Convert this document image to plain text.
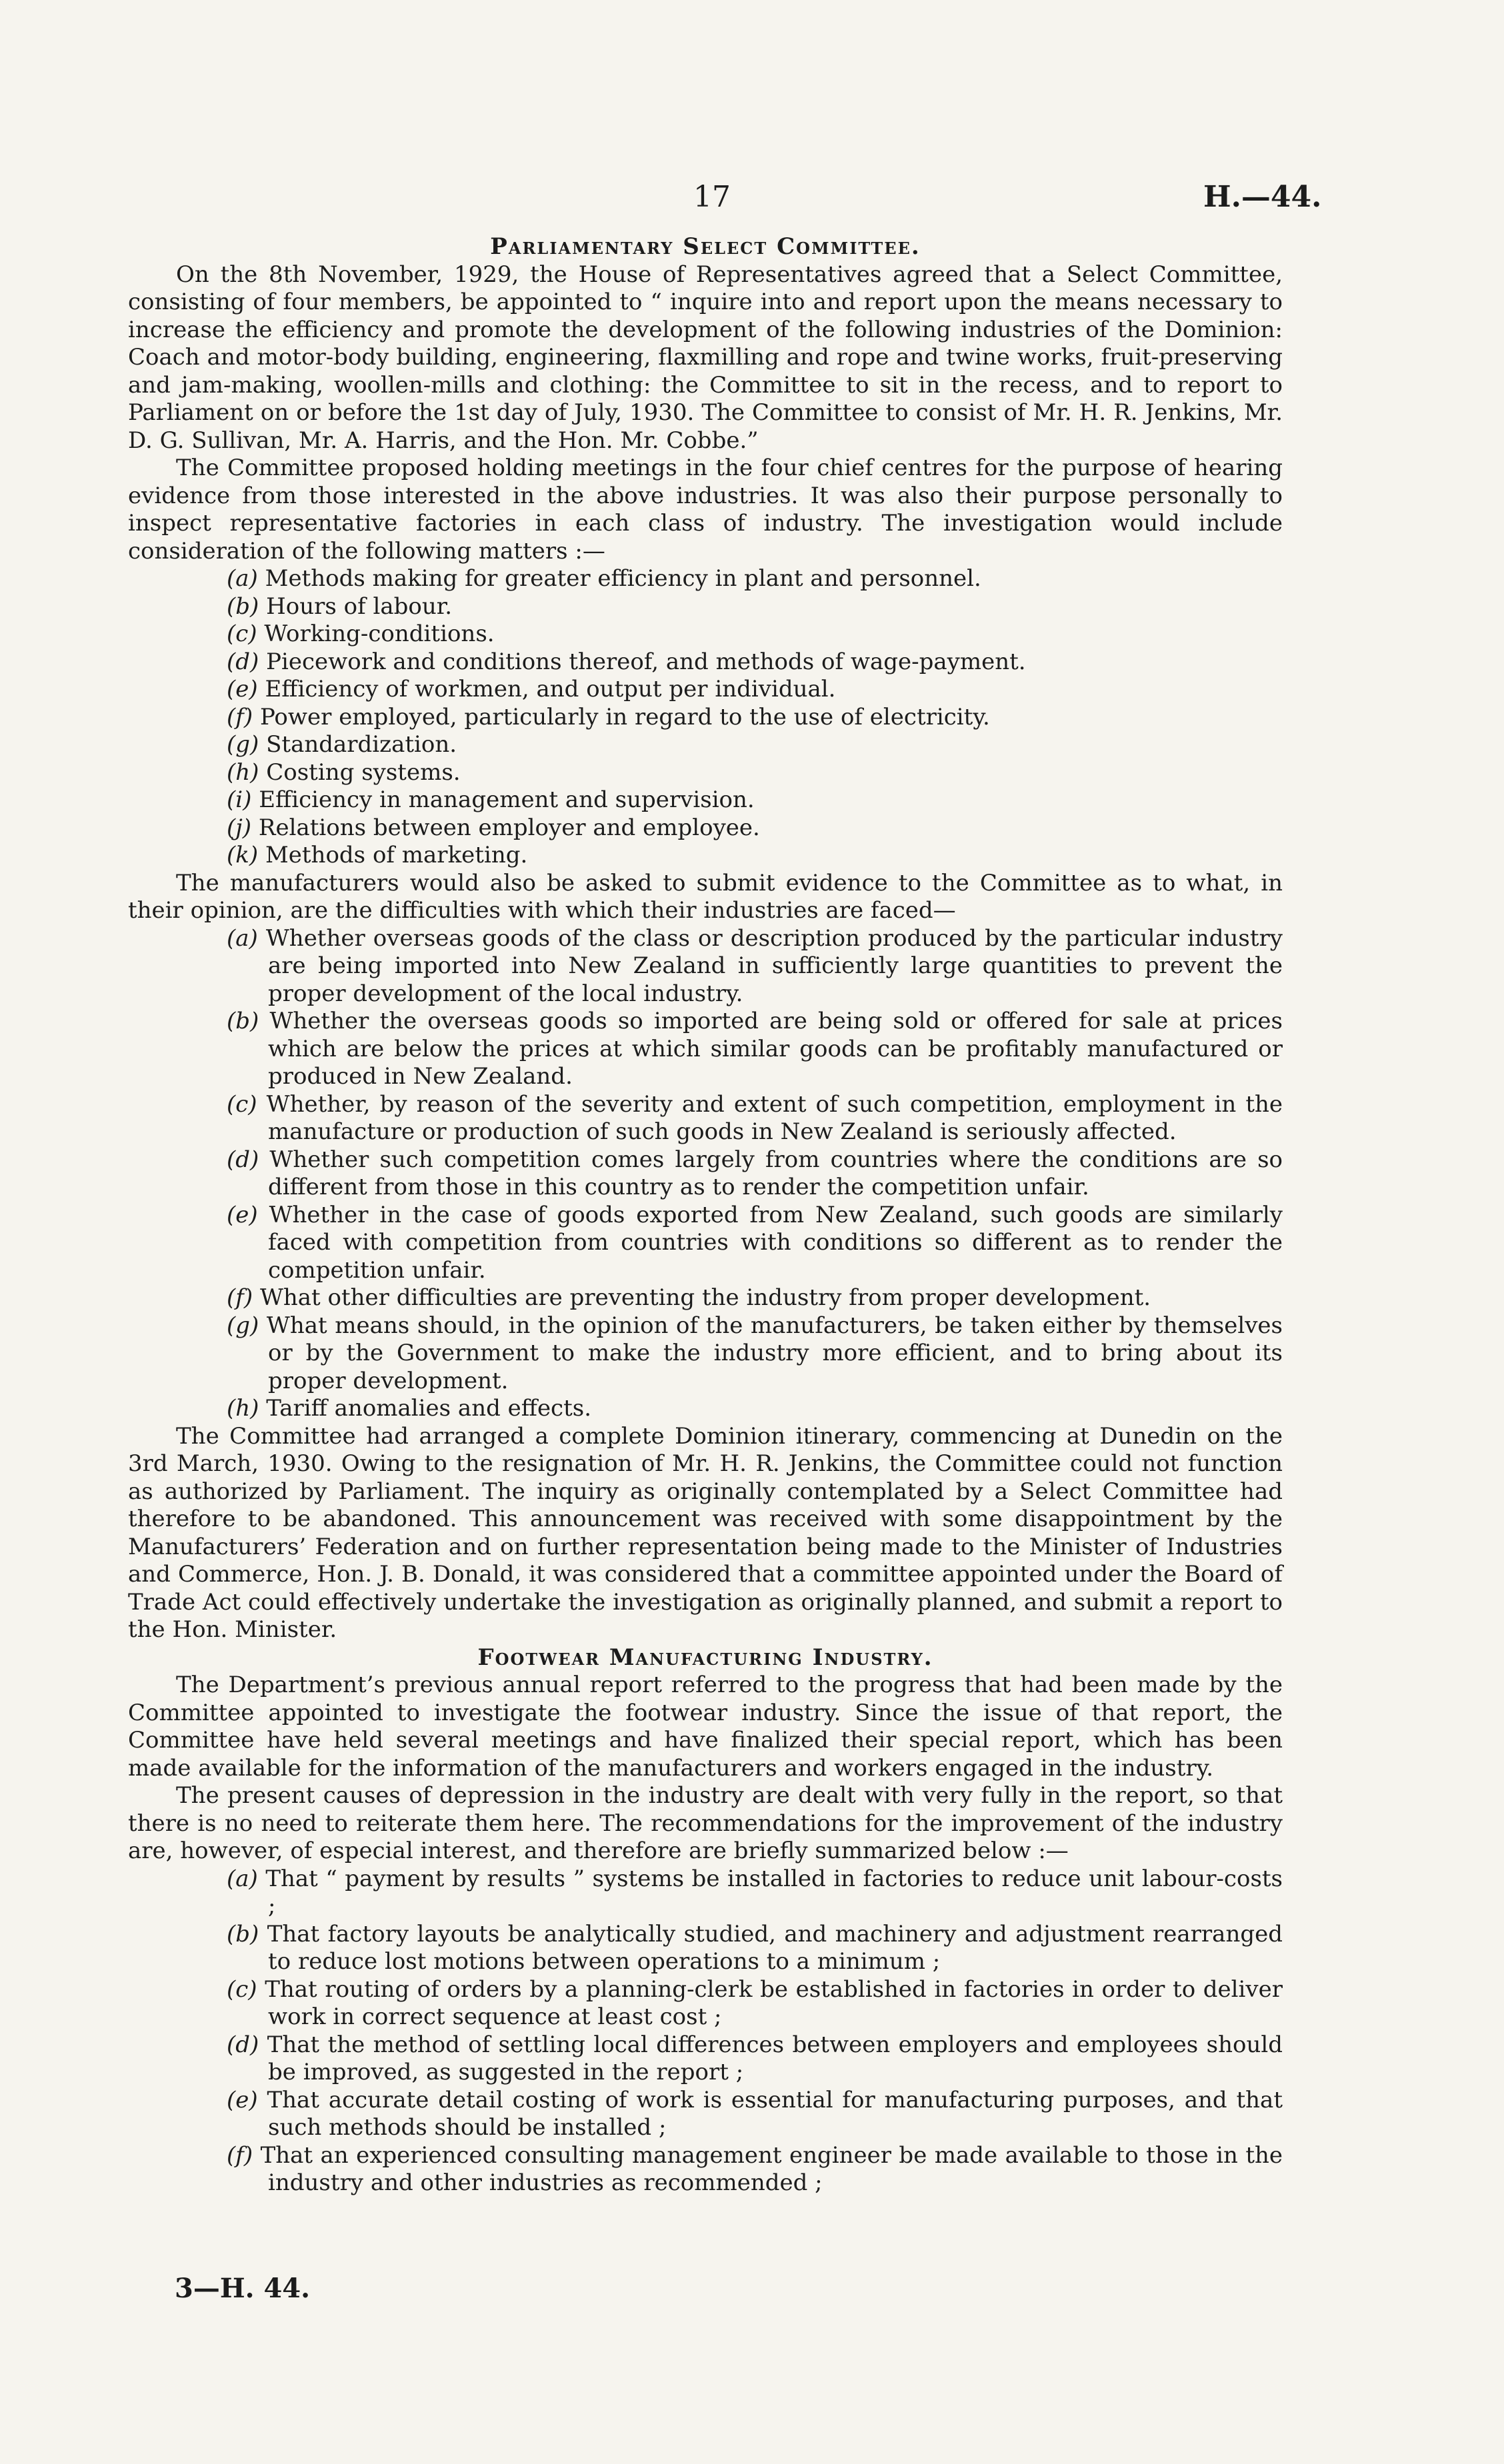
17	H.—44.
Parliamentary Select Committee.

On the 8th November, 1929, the House of Representatives agreed that a Select Committee, consisting of four members, be appointed to “ inquire into and report upon the means necessary to increase the efficiency and promote the development of the following industries of the Dominion: Coach and motor-body building, engineering, flaxmilling and rope and twine works, fruit-preserving and jam-making, woollen-mills and clothing: the Committee to sit in the recess, and to report to Parliament on or before the 1st day of July, 1930. The Committee to consist of Mr. H. R. Jenkins, Mr. D. G. Sullivan, Mr. A. Harris, and the Hon. Mr. Cobbe.”

The Committee proposed holding meetings in the four chief centres for the purpose of hearing evidence from those interested in the above industries. It was also their purpose personally to inspect representative factories in each class of industry. The investigation would include consideration of the following matters :—

(a) Methods making for greater efficiency in plant and personnel.
(b) Hours of labour.
(c) Working-conditions.
(d) Piecework and conditions thereof, and methods of wage-payment.
(e) Efficiency of workmen, and output per individual.
(f) Power employed, particularly in regard to the use of electricity.
(g) Standardization.
(h) Costing systems.
(i) Efficiency in management and supervision.
(j) Relations between employer and employee.
(k) Methods of marketing.

The manufacturers would also be asked to submit evidence to the Committee as to what, in their opinion, are the difficulties with which their industries are faced—

(a) Whether overseas goods of the class or description produced by the particular industry are being imported into New Zealand in sufficiently large quantities to prevent the proper development of the local industry.
(b) Whether the overseas goods so imported are being sold or offered for sale at prices which are below the prices at which similar goods can be profitably manufactured or produced in New Zealand.
(c) Whether, by reason of the severity and extent of such competition, employment in the manufacture or production of such goods in New Zealand is seriously affected.
(d) Whether such competition comes largely from countries where the conditions are so different from those in this country as to render the competition unfair.
(e) Whether in the case of goods exported from New Zealand, such goods are similarly faced with competition from countries with conditions so different as to render the competition unfair.
(f) What other difficulties are preventing the industry from proper development.
(g) What means should, in the opinion of the manufacturers, be taken either by themselves or by the Government to make the industry more efficient, and to bring about its proper development.
(h) Tariff anomalies and effects.

The Committee had arranged a complete Dominion itinerary, commencing at Dunedin on the 3rd March, 1930. Owing to the resignation of Mr. H. R. Jenkins, the Committee could not function as authorized by Parliament. The inquiry as originally contemplated by a Select Committee had therefore to be abandoned. This announcement was received with some disappointment by the Manufacturers’ Federation and on further representation being made to the Minister of Industries and Commerce, Hon. J. B. Donald, it was considered that a committee appointed under the Board of Trade Act could effectively undertake the investigation as originally planned, and submit a report to the Hon. Minister.

Footwear Manufacturing Industry.

The Department’s previous annual report referred to the progress that had been made by the Committee appointed to investigate the footwear industry. Since the issue of that report, the Committee have held several meetings and have finalized their special report, which has been made available for the information of the manufacturers and workers engaged in the industry.

The present causes of depression in the industry are dealt with very fully in the report, so that there is no need to reiterate them here. The recommendations for the improvement of the industry are, however, of especial interest, and therefore are briefly summarized below :—

(a) That “ payment by results ” systems be installed in factories to reduce unit labour-costs ;
(b) That factory layouts be analytically studied, and machinery and adjustment rearranged to reduce lost motions between operations to a minimum ;
(c) That routing of orders by a planning-clerk be established in factories in order to deliver work in correct sequence at least cost ;
(d) That the method of settling local differences between employers and employees should be improved, as suggested in the report ;
(e) That accurate detail costing of work is essential for manufacturing purposes, and that such methods should be installed ;
(f) That an experienced consulting management engineer be made available to those in the industry and other industries as recommended ;
3—H. 44.
